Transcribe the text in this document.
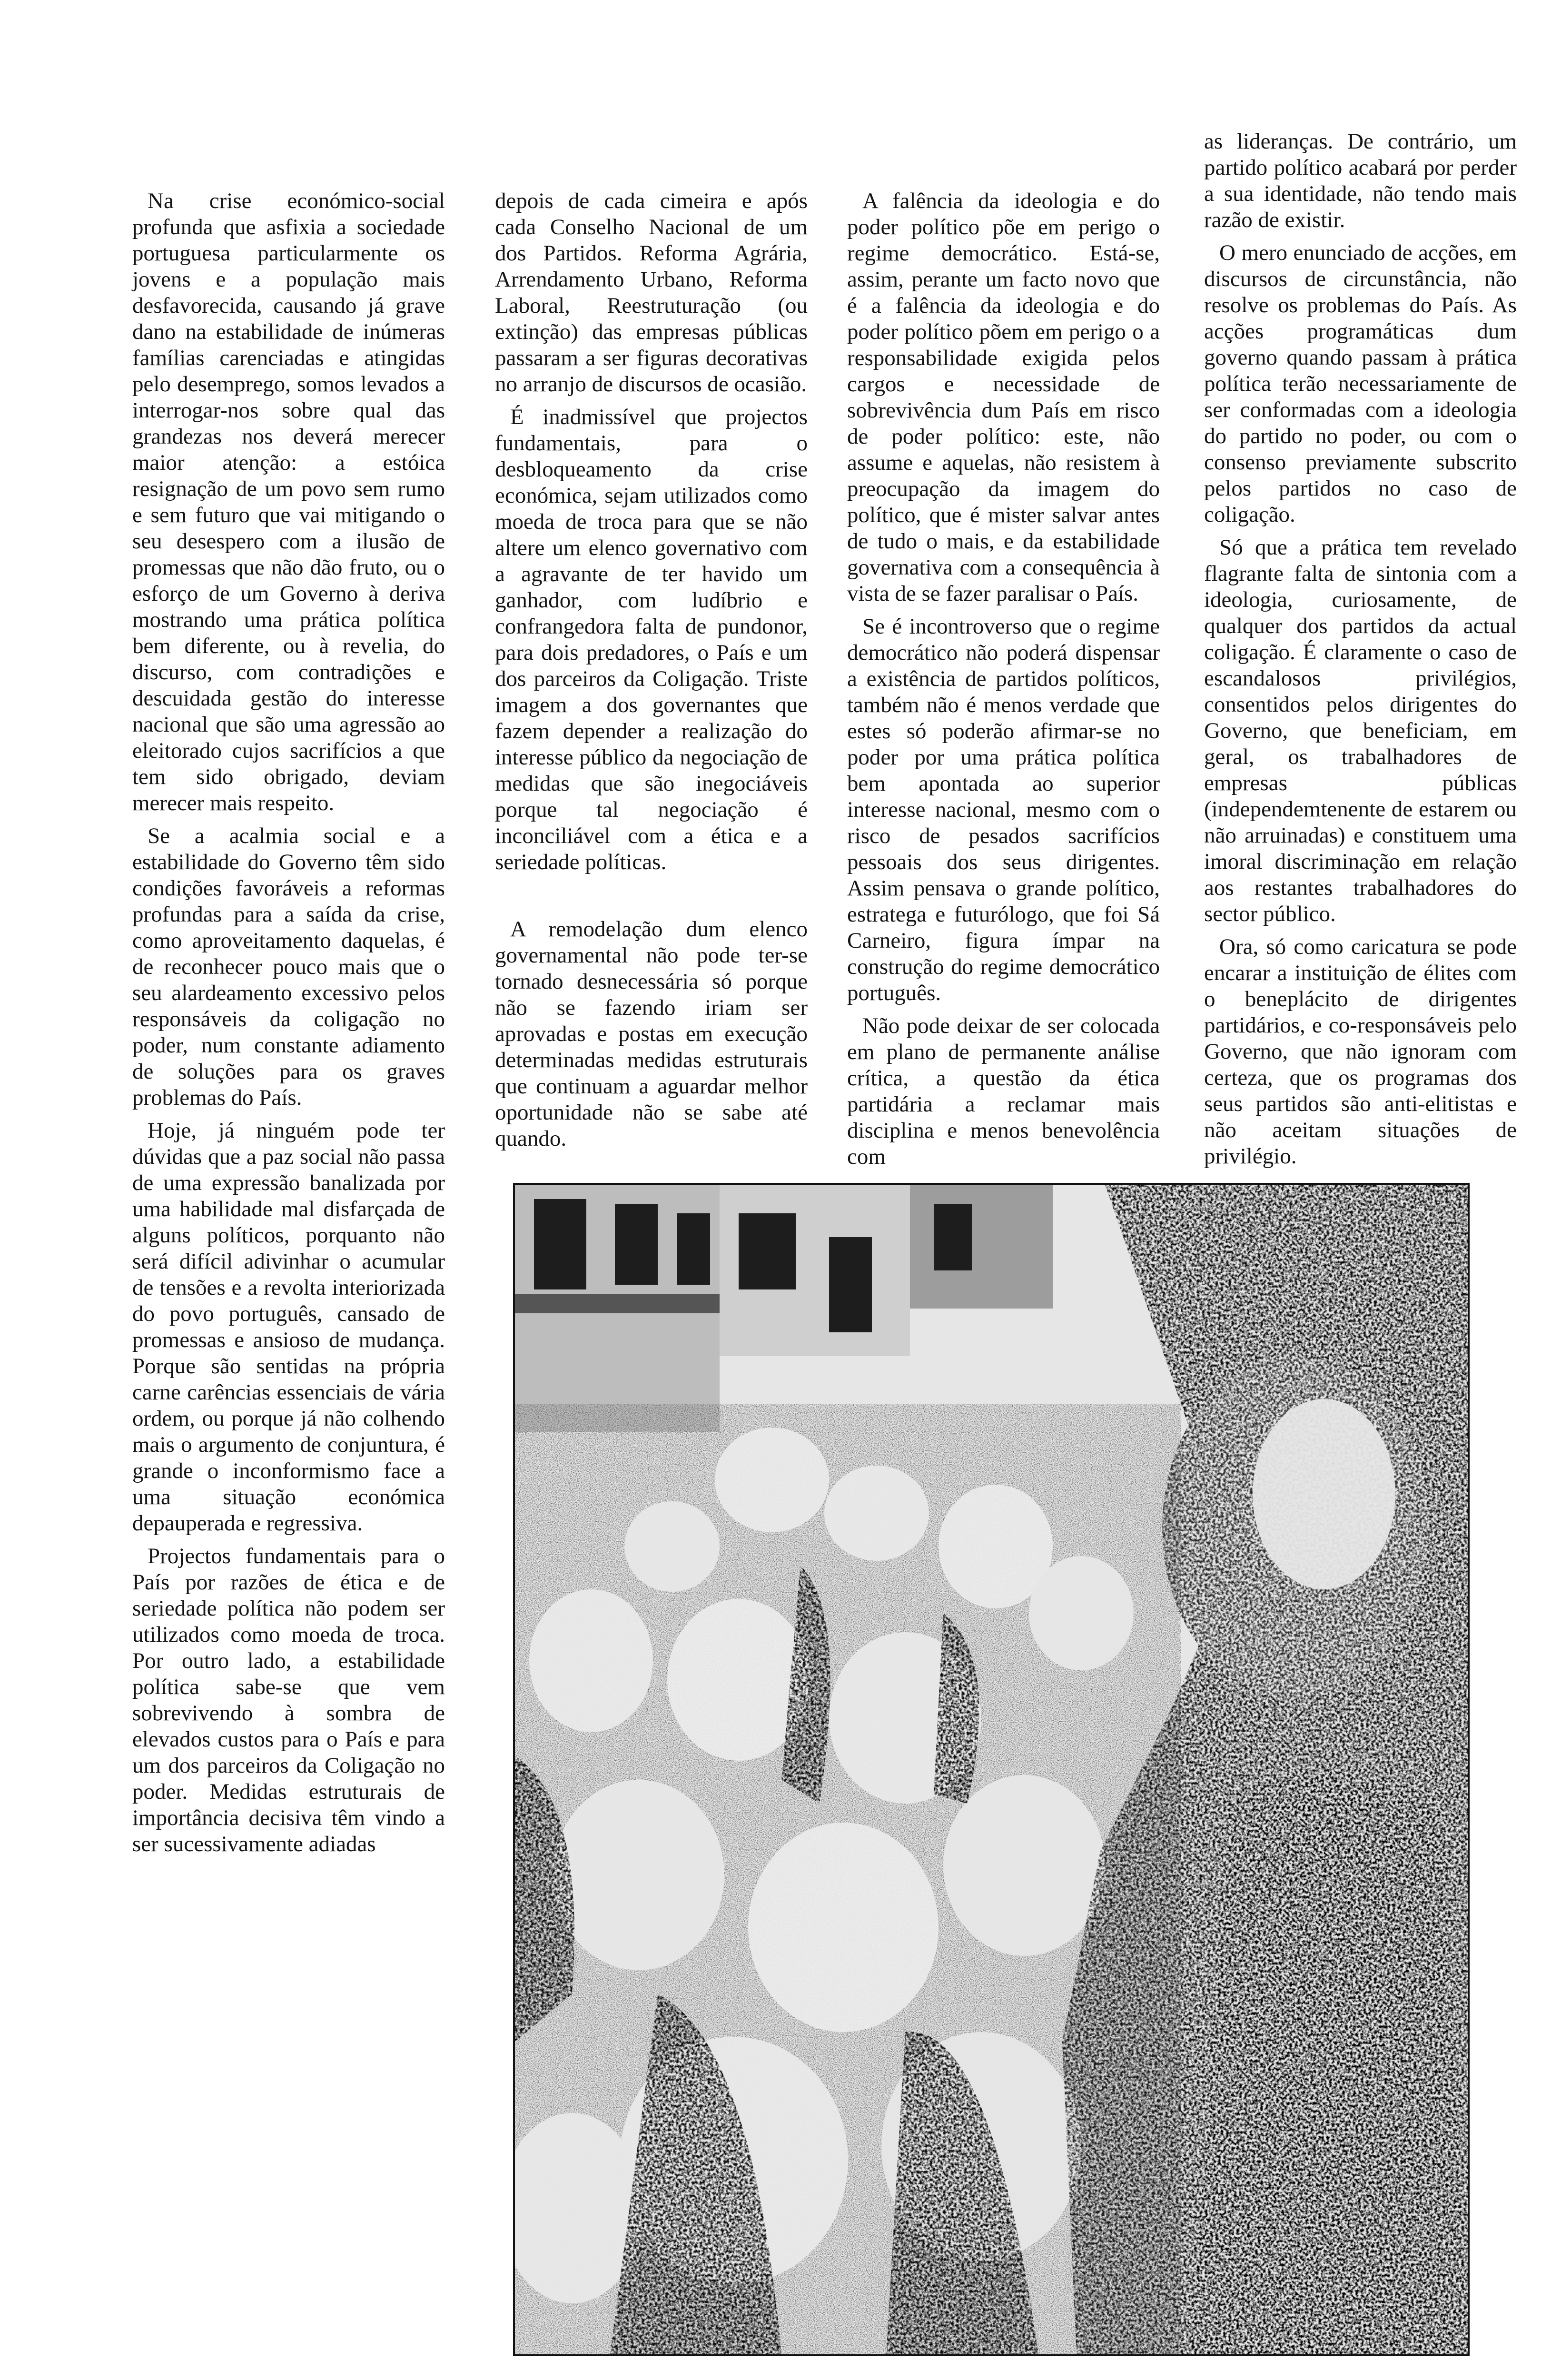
Na crise económico-social profunda que asfixia a sociedade portuguesa particularmente os jovens e a população mais desfavorecida, causando já grave dano na estabilidade de inúmeras famílias carenciadas e atingidas pelo desemprego, somos levados a interrogar-nos sobre qual das grandezas nos deverá merecer maior atenção: a estóica resignação de um povo sem rumo e sem futuro que vai mitigando o seu desespero com a ilusão de promessas que não dão fruto, ou o esforço de um Governo à deriva mostrando uma prática política bem diferente, ou à revelia, do discurso, com contradições e descuidada gestão do interesse nacional que são uma agressão ao eleitorado cujos sacrifícios a que tem sido obrigado, deviam merecer mais respeito.

Se a acalmia social e a estabilidade do Governo têm sido condições favoráveis a reformas profundas para a saída da crise, como aproveitamento daquelas, é de reconhecer pouco mais que o seu alardeamento excessivo pelos responsáveis da coligação no poder, num constante adiamento de soluções para os graves problemas do País.

Hoje, já ninguém pode ter dúvidas que a paz social não passa de uma expressão banalizada por uma habilidade mal disfarçada de alguns políticos, porquanto não será difícil adivinhar o acumular de tensões e a revolta interiorizada do povo português, cansado de promessas e ansioso de mudança. Porque são sentidas na própria carne carências essenciais de vária ordem, ou porque já não colhendo mais o argumento de conjuntura, é grande o inconformismo face a uma situação económica depauperada e regressiva.

Projectos fundamentais para o País por razões de ética e de seriedade política não podem ser utilizados como moeda de troca. Por outro lado, a estabilidade política sabe-se que vem sobrevivendo à sombra de elevados custos para o País e para um dos parceiros da Coligação no poder. Medidas estruturais de importância decisiva têm vindo a ser sucessivamente adiadas

depois de cada cimeira e após cada Conselho Nacional de um dos Partidos. Reforma Agrária, Arrendamento Urbano, Reforma Laboral, Reestruturação (ou extinção) das empresas públicas passaram a ser figuras decorativas no arranjo de discursos de ocasião.

É inadmissível que projectos fundamentais, para o desbloqueamento da crise económica, sejam utilizados como moeda de troca para que se não altere um elenco governativo com a agravante de ter havido um ganhador, com ludíbrio e confrangedora falta de pundonor, para dois predadores, o País e um dos parceiros da Coligação. Triste imagem a dos governantes que fazem depender a realização do interesse público da negociação de medidas que são inegociáveis porque tal negociação é inconciliável com a ética e a seriedade políticas.

A remodelação dum elenco governamental não pode ter-se tornado desnecessária só porque não se fazendo iriam ser aprovadas e postas em execução determinadas medidas estruturais que continuam a aguardar melhor oportunidade não se sabe até quando.

A falência da ideologia e do poder político põe em perigo o regime democrático. Está-se, assim, perante um facto novo que é a falência da ideologia e do poder político põem em perigo o a responsabilidade exigida pelos cargos e necessidade de sobrevivência dum País em risco de poder político: este, não assume e aquelas, não resistem à preocupação da imagem do político, que é mister salvar antes de tudo o mais, e da estabilidade governativa com a consequência à vista de se fazer paralisar o País.

Se é incontroverso que o regime democrático não poderá dispensar a existência de partidos políticos, também não é menos verdade que estes só poderão afirmar-se no poder por uma prática política bem apontada ao superior interesse nacional, mesmo com o risco de pesados sacrifícios pessoais dos seus dirigentes. Assim pensava o grande político, estratega e futurólogo, que foi Sá Carneiro, figura ímpar na construção do regime democrático português.

Não pode deixar de ser colocada em plano de permanente análise crítica, a questão da ética partidária a reclamar mais disciplina e menos benevolência com

as lideranças. De contrário, um partido político acabará por perder a sua identidade, não tendo mais razão de existir.

O mero enunciado de acções, em discursos de circunstância, não resolve os problemas do País. As acções programáticas dum governo quando passam à prática política terão necessariamente de ser conformadas com a ideologia do partido no poder, ou com o consenso previamente subscrito pelos partidos no caso de coligação.

Só que a prática tem revelado flagrante falta de sintonia com a ideologia, curiosamente, de qualquer dos partidos da actual coligação. É claramente o caso de escandalosos privilégios, consentidos pelos dirigentes do Governo, que beneficiam, em geral, os trabalhadores de empresas públicas (independemtenente de estarem ou não arruinadas) e constituem uma imoral discriminação em relação aos restantes trabalhadores do sector público.

Ora, só como caricatura se pode encarar a instituição de élites com o beneplácito de dirigentes partidários, e co-responsáveis pelo Governo, que não ignoram com certeza, que os programas dos seus partidos são anti-elitistas e não aceitam situações de privilégio.
